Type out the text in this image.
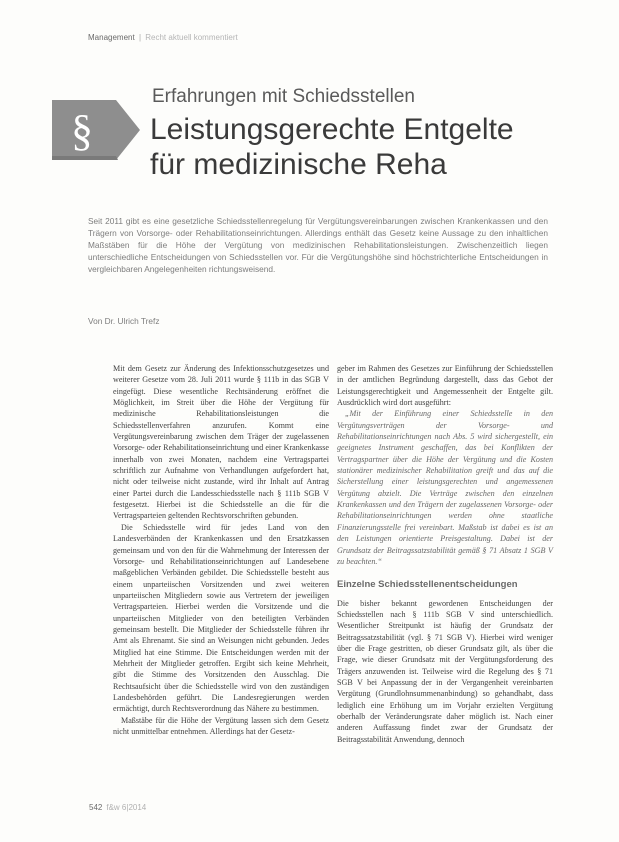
Management | Recht aktuell kommentiert
§
Erfahrungen mit Schiedsstellen
Leistungsgerechte Entgelte
für medizinische Reha
Seit 2011 gibt es eine gesetzliche Schiedsstellenregelung für Vergütungsvereinbarungen zwischen Krankenkassen und den Trägern von Vorsorge- oder Rehabilitationseinrichtungen. Allerdings enthält das Gesetz keine Aussage zu den inhaltlichen Maßstäben für die Höhe der Vergütung von medizinischen Rehabilitationsleistungen. Zwischenzeitlich liegen unterschiedliche Entscheidungen von Schiedsstellen vor. Für die Vergütungshöhe sind höchstrichterliche Entscheidungen in vergleichbaren Angelegenheiten richtungsweisend.
Von Dr. Ulrich Trefz

Mit dem Gesetz zur Änderung des Infektionsschutzgesetzes und weiterer Gesetze vom 28. Juli 2011 wurde § 111b in das SGB V eingefügt. Diese wesentliche Rechtsänderung eröffnet die Möglichkeit, im Streit über die Höhe der Vergütung für medizinische Rehabilitationsleistungen die Schiedsstellenverfahren anzurufen. Kommt eine Vergütungsvereinbarung zwischen dem Träger der zugelassenen Vorsorge- oder Rehabilitationseinrichtung und einer Krankenkasse innerhalb von zwei Monaten, nachdem eine Vertragspartei schriftlich zur Aufnahme von Verhandlungen aufgefordert hat, nicht oder teilweise nicht zustande, wird ihr Inhalt auf Antrag einer Partei durch die Landesschiedsstelle nach § 111b SGB V festgesetzt. Hierbei ist die Schiedsstelle an die für die Vertragsparteien geltenden Rechtsvorschriften gebunden.

Die Schiedsstelle wird für jedes Land von den Landesverbänden der Krankenkassen und den Ersatzkassen gemeinsam und von den für die Wahrnehmung der Interessen der Vorsorge- und Rehabilitationseinrichtungen auf Landesebene maßgeblichen Verbänden gebildet. Die Schiedsstelle besteht aus einem unparteiischen Vorsitzenden und zwei weiteren unparteiischen Mitgliedern sowie aus Vertretern der jeweiligen Vertragsparteien. Hierbei werden die Vorsitzende und die unparteiischen Mitglieder von den beteiligten Verbänden gemeinsam bestellt. Die Mitglieder der Schiedsstelle führen ihr Amt als Ehrenamt. Sie sind an Weisungen nicht gebunden. Jedes Mitglied hat eine Stimme. Die Entscheidungen werden mit der Mehrheit der Mitglieder getroffen. Ergibt sich keine Mehrheit, gibt die Stimme des Vorsitzenden den Ausschlag. Die Rechtsaufsicht über die Schiedsstelle wird von den zuständigen Landesbehörden geführt. Die Landesregierungen werden ermächtigt, durch Rechtsverordnung das Nähere zu bestimmen.

Maßstäbe für die Höhe der Vergütung lassen sich dem Gesetz nicht unmittelbar entnehmen. Allerdings hat der Gesetz-

geber im Rahmen des Gesetzes zur Einführung der Schiedsstellen in der amtlichen Begründung dargestellt, dass das Gebot der Leistungsgerechtigkeit und Angemessenheit der Entgelte gilt. Ausdrücklich wird dort ausgeführt:

„Mit der Einführung einer Schiedsstelle in den Vergütungsverträgen der Vorsorge- und Rehabilitationseinrichtungen nach Abs. 5 wird sichergestellt, ein geeignetes Instrument geschaffen, das bei Konflikten der Vertragspartner über die Höhe der Vergütung und die Kosten stationärer medizinischer Rehabilitation greift und das auf die Sicherstellung einer leistungsgerechten und angemessenen Vergütung abzielt. Die Verträge zwischen den einzelnen Krankenkassen und den Trägern der zugelassenen Vorsorge- oder Rehabilitationseinrichtungen werden ohne staatliche Finanzierungsstelle frei vereinbart. Maßstab ist dabei es ist an den Leistungen orientierte Preisgestaltung. Dabei ist der Grundsatz der Beitragssatzstabilität gemäß § 71 Absatz 1 SGB V zu beachten.“

Einzelne Schiedsstellenentscheidungen

Die bisher bekannt gewordenen Entscheidungen der Schiedsstellen nach § 111b SGB V sind unterschiedlich. Wesentlicher Streitpunkt ist häufig der Grundsatz der Beitragssatzstabilität (vgl. § 71 SGB V). Hierbei wird weniger über die Frage gestritten, ob dieser Grundsatz gilt, als über die Frage, wie dieser Grundsatz mit der Vergütungsforderung des Trägers anzuwenden ist. Teilweise wird die Regelung des § 71 SGB V bei Anpassung der in der Vergangenheit vereinbarten Vergütung (Grundlohnsummenanbindung) so gehandhabt, dass lediglich eine Erhöhung um im Vorjahr erzielten Vergütung oberhalb der Veränderungsrate daher möglich ist. Nach einer anderen Auffassung findet zwar der Grundsatz der Beitragsstabilität Anwendung, dennoch

542 f&w 6|2014
